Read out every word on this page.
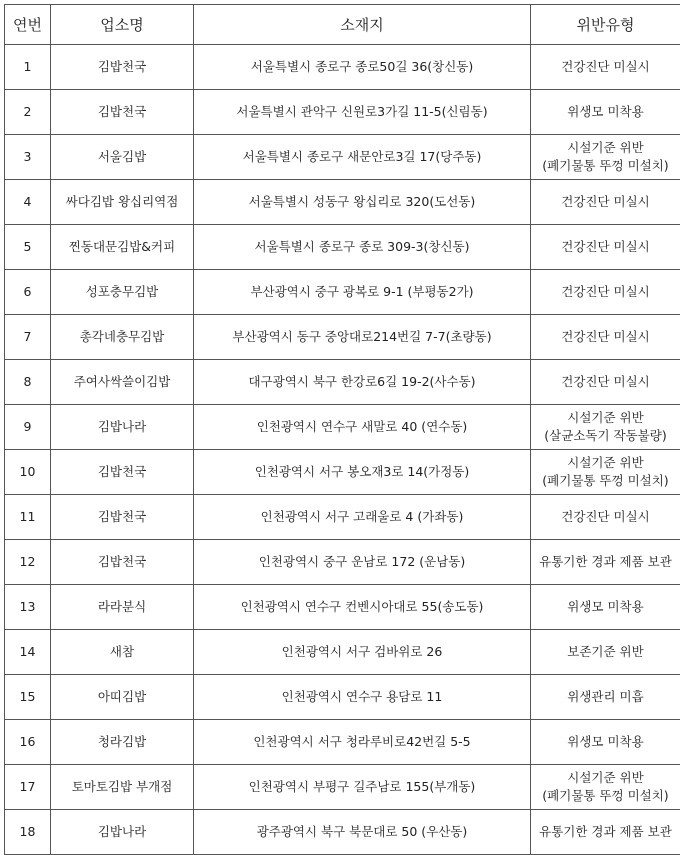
연번	업소명	소재지	위반유형
1	김밥천국	서울특별시 종로구 종로50길 36(창신동)	건강진단 미실시

2	김밥천국	서울특별시 관악구 신원로3가길 11-5(신림동)	위생모 미착용

3	서울김밥	서울특별시 종로구 새문안로3길 17(당주동)	시설기준 위반
(폐기물통 뚜껑 미설치)

4	싸다김밥 왕십리역점	서울특별시 성동구 왕십리로 320(도선동)	건강진단 미실시

5	찐동대문김밥&커피	서울특별시 종로구 종로 309-3(창신동)	건강진단 미실시

6	성포충무김밥	부산광역시 중구 광복로 9-1 (부평동2가)	건강진단 미실시

7	총각네충무김밥	부산광역시 동구 중앙대로214번길 7-7(초량동)	건강진단 미실시

8	주여사싹쓸이김밥	대구광역시 북구 한강로6길 19-2(사수동)	건강진단 미실시

9	김밥나라	인천광역시 연수구 새말로 40 (연수동)	시설기준 위반
(살균소독기 작동불량)

10	김밥천국	인천광역시 서구 봉오재3로 14(가정동)	시설기준 위반
(폐기물통 뚜껑 미설치)

11	김밥천국	인천광역시 서구 고래울로 4 (가좌동)	건강진단 미실시

12	김밥천국	인천광역시 중구 운남로 172 (운남동)	유통기한 경과 제품 보관

13	라라분식	인천광역시 연수구 컨벤시아대로 55(송도동)	위생모 미착용

14	새참	인천광역시 서구 검바위로 26	보존기준 위반

15	아띠김밥	인천광역시 연수구 용담로 11	위생관리 미흡

16	청라김밥	인천광역시 서구 청라루비로42번길 5-5	위생모 미착용

17	토마토김밥 부개점	인천광역시 부평구 길주남로 155(부개동)	시설기준 위반
(폐기물통 뚜껑 미설치)

18	김밥나라	광주광역시 북구 북문대로 50 (우산동)	유통기한 경과 제품 보관
